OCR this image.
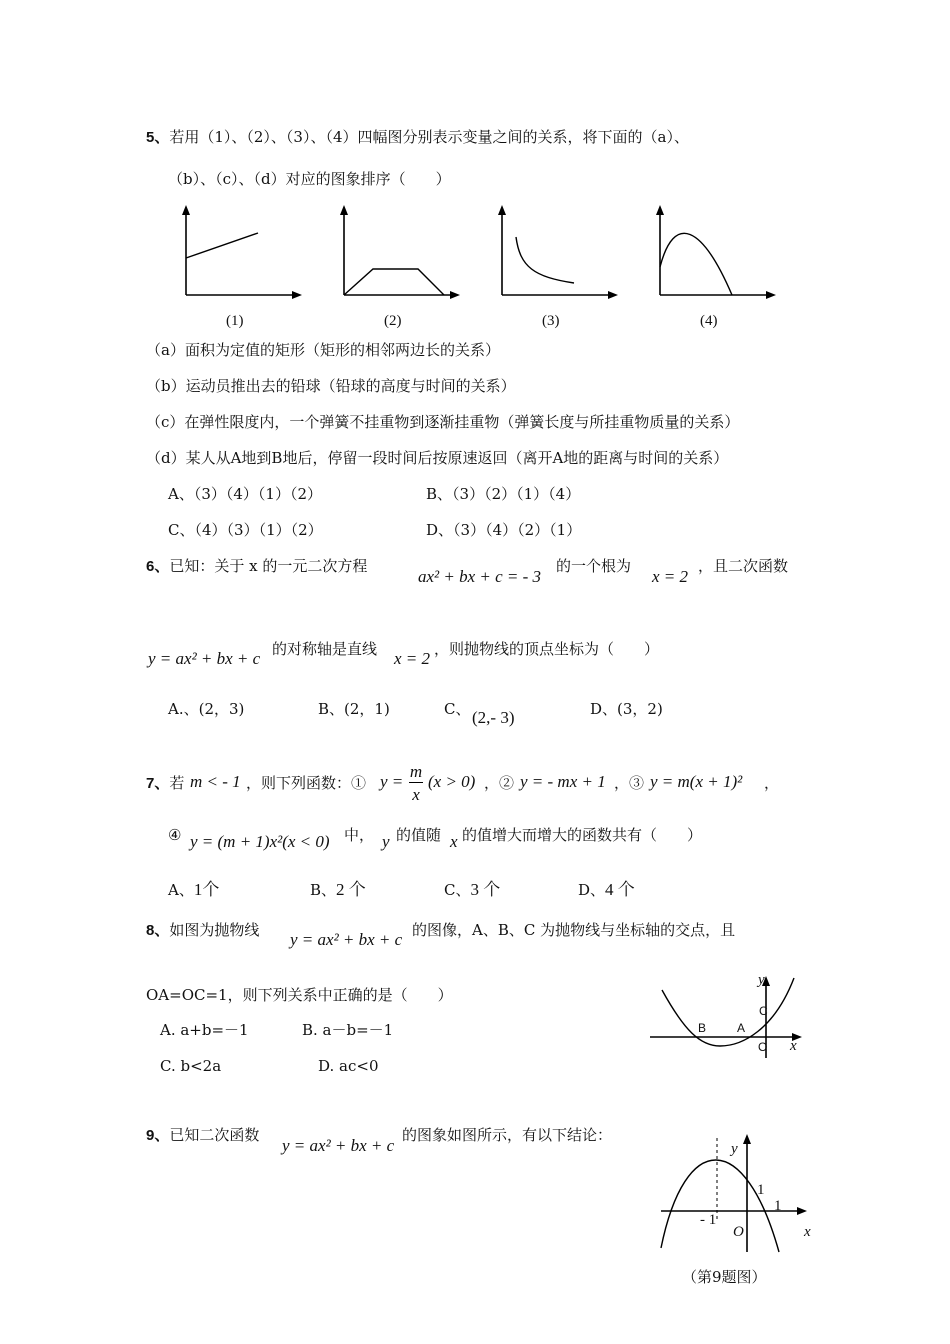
5、若用（1）、（2）、（3）、（4）四幅图分别表示变量之间的关系，将下面的（a）、
（b）、（c）、（d）对应的图象排序（　　）
(1)	(2)	(3)	(4)
（a）面积为定值的矩形（矩形的相邻两边长的关系）
（b）运动员推出去的铅球（铅球的高度与时间的关系）
（c）在弹性限度内，一个弹簧不挂重物到逐渐挂重物（弹簧长度与所挂重物质量的关系）
（d）某人从A地到B地后，停留一段时间后按原速返回（离开A地的距离与时间的关系）
A、（3）（4）（1）（2）	B、（3）（2）（1）（4）
C、（4）（3）（1）（2）	D、（3）（4）（2）（1）
6、已知：关于 x 的一元二次方程
ax² + bx + c = - 3
的一个根为
x = 2
，且二次函数
y = ax² + bx + c 的对称轴是直线 x = 2 ，则抛物线的顶点坐标为（　　）
A.、(2，3)	B、(2，1)	C、 (2,- 3)	D、(3，2)
7、若 m < - 1 ，则下列函数：① y =
m
x
(x > 0) ，② y = - mx + 1 ，③ y = m(x + 1)² ，
④ y = (m + 1)x²(x < 0) 中， y 的值随 x 的值增大而增大的函数共有（　　）
A、1个	B、2 个	C、3 个	D、4 个
8、如图为抛物线 y = ax² + bx + c 的图像，A、B、C 为抛物线与坐标轴的交点，且
OA=OC=1，则下列关系中正确的是（　　）
A. a+b=－1	B. a－b=－1
C. b<2a	D. ac<0
y
x
C
A
B
O
9、已知二次函数
y = ax² + bx + c
的图象如图所示，有以下结论：
y
x
1
1
- 1
O
（第9题图）
